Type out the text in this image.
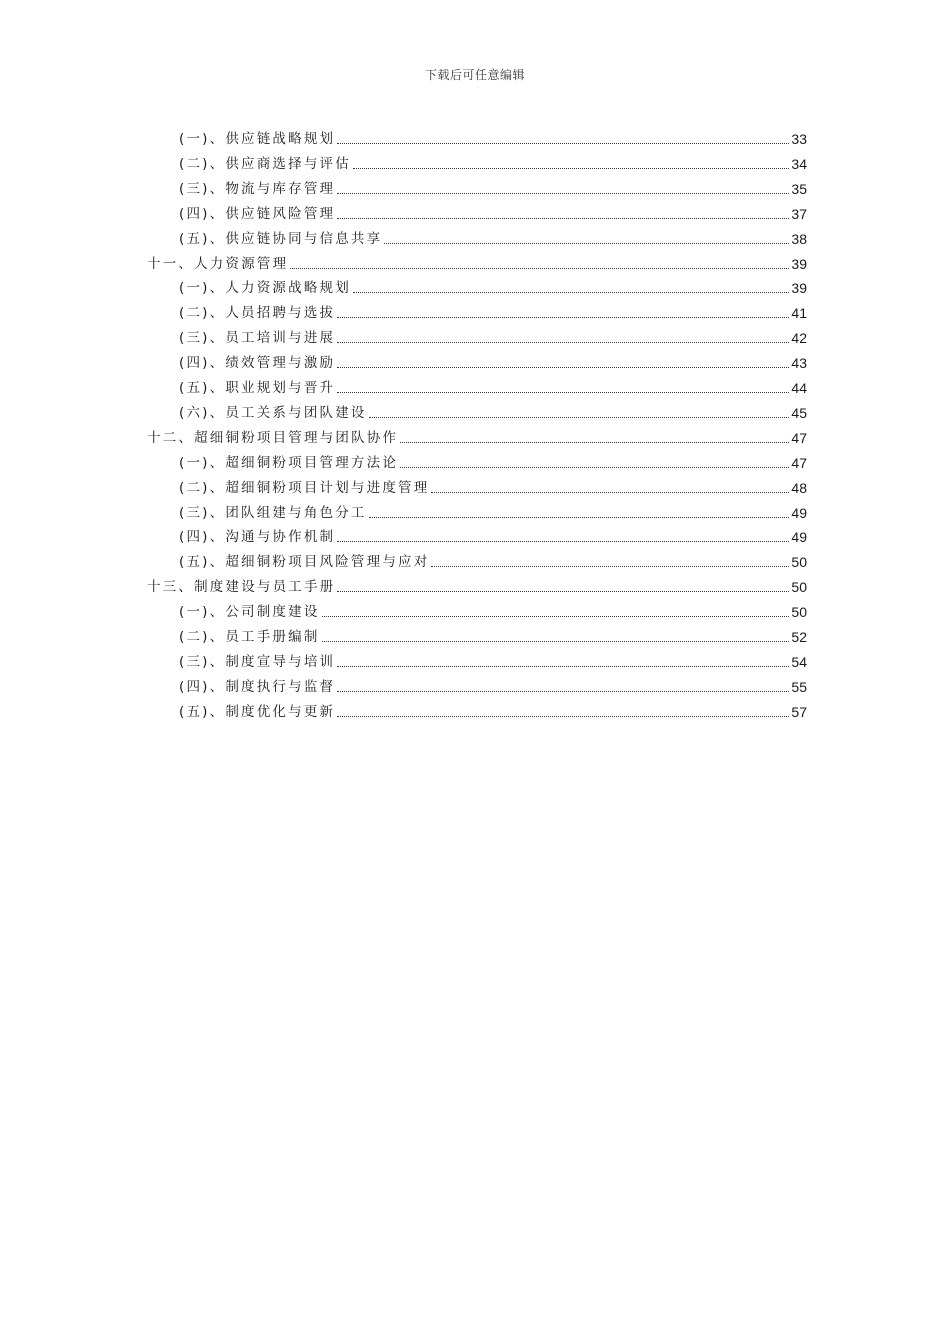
下载后可任意编辑
(一)、供应链战略规划	33
(二)、供应商选择与评估	34
(三)、物流与库存管理	35
(四)、供应链风险管理	37
(五)、供应链协同与信息共享	38
十一、人力资源管理	39
(一)、人力资源战略规划	39
(二)、人员招聘与选拔	41
(三)、员工培训与进展	42
(四)、绩效管理与激励	43
(五)、职业规划与晋升	44
(六)、员工关系与团队建设	45
十二、超细铜粉项目管理与团队协作	47
(一)、超细铜粉项目管理方法论	47
(二)、超细铜粉项目计划与进度管理	48
(三)、团队组建与角色分工	49
(四)、沟通与协作机制	49
(五)、超细铜粉项目风险管理与应对	50
十三、制度建设与员工手册	50
(一)、公司制度建设	50
(二)、员工手册编制	52
(三)、制度宣导与培训	54
(四)、制度执行与监督	55
(五)、制度优化与更新	57
